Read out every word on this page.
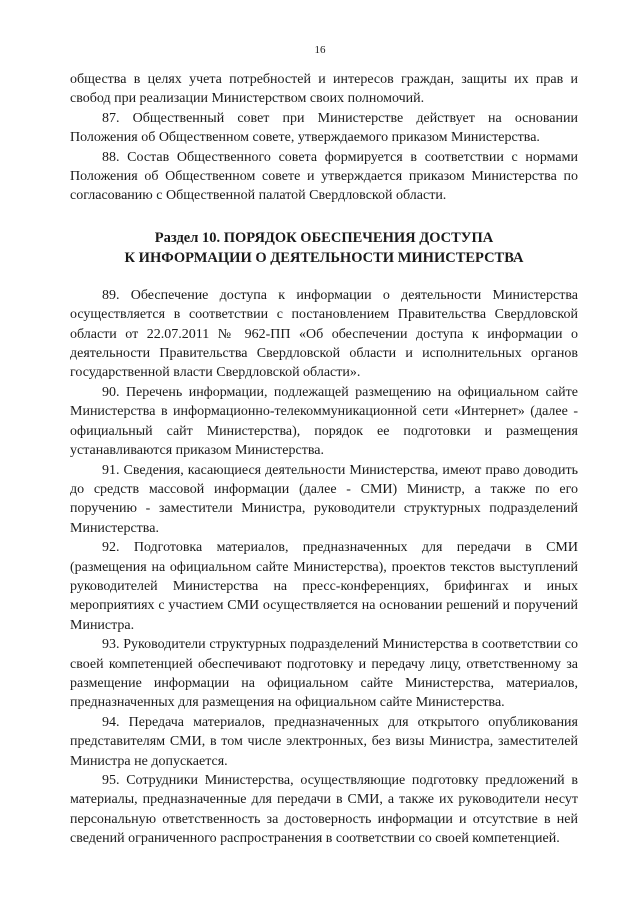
16

общества в целях учета потребностей и интересов граждан, защиты их прав и свобод при реализации Министерством своих полномочий.

87. Общественный совет при Министерстве действует на основании Положения об Общественном совете, утверждаемого приказом Министерства.

88. Состав Общественного совета формируется в соответствии с нормами Положения об Общественном совете и утверждается приказом Министерства по согласованию с Общественной палатой Свердловской области.

Раздел 10. ПОРЯДОК ОБЕСПЕЧЕНИЯ ДОСТУПА
К ИНФОРМАЦИИ О ДЕЯТЕЛЬНОСТИ МИНИСТЕРСТВА

89. Обеспечение доступа к информации о деятельности Министерства осуществляется в соответствии с постановлением Правительства Свердловской области от 22.07.2011 № 962-ПП «Об обеспечении доступа к информации о деятельности Правительства Свердловской области и исполнительных органов государственной власти Свердловской области».

90. Перечень информации, подлежащей размещению на официальном сайте Министерства в информационно-телекоммуникационной сети «Интернет» (далее - официальный сайт Министерства), порядок ее подготовки и размещения устанавливаются приказом Министерства.

91. Сведения, касающиеся деятельности Министерства, имеют право доводить до средств массовой информации (далее - СМИ) Министр, а также по его поручению - заместители Министра, руководители структурных подразделений Министерства.

92. Подготовка материалов, предназначенных для передачи в СМИ (размещения на официальном сайте Министерства), проектов текстов выступлений руководителей Министерства на пресс-конференциях, брифингах и иных мероприятиях с участием СМИ осуществляется на основании решений и поручений Министра.

93. Руководители структурных подразделений Министерства в соответствии со своей компетенцией обеспечивают подготовку и передачу лицу, ответственному за размещение информации на официальном сайте Министерства, материалов, предназначенных для размещения на официальном сайте Министерства.

94. Передача материалов, предназначенных для открытого опубликования представителям СМИ, в том числе электронных, без визы Министра, заместителей Министра не допускается.

95. Сотрудники Министерства, осуществляющие подготовку предложений в материалы, предназначенные для передачи в СМИ, а также их руководители несут персональную ответственность за достоверность информации и отсутствие в ней сведений ограниченного распространения в соответствии со своей компетенцией.
